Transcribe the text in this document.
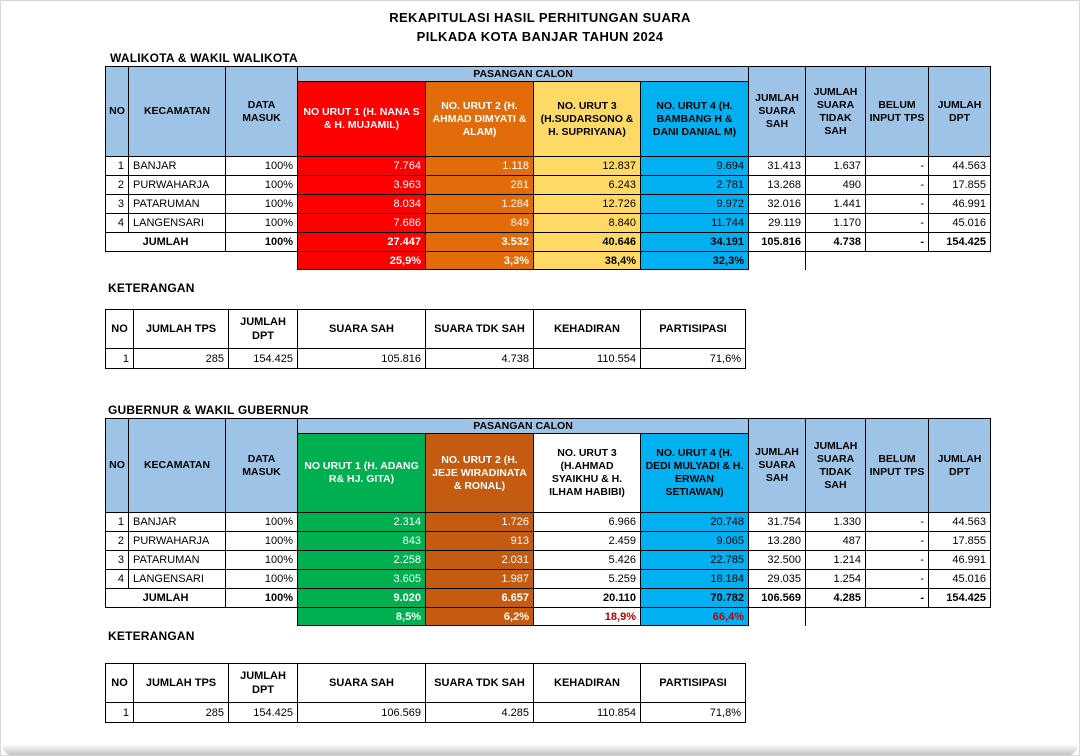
REKAPITULASI HASIL PERHITUNGAN SUARA
PILKADA KOTA BANJAR TAHUN 2024
WALIKOTA & WAKIL WALIKOTA
NO	KECAMATAN	DATA MASUK	PASANGAN CALON				JUMLAH SUARA SAH	JUMLAH SUARA TIDAK SAH	BELUM INPUT TPS	JUMLAH DPT
			NO URUT 1 (H. NANA S & H. MUJAMIL)	NO. URUT 2 (H. AHMAD DIMYATI & ALAM)	NO. URUT 3 (H.SUDARSONO & H. SUPRIYANA)	NO. URUT 4 (H. BAMBANG H & DANI DANIAL M)				
1	BANJAR	100%	7.764	1.118	12.837	9.694	31.413	1.637	-	44.563
2	PURWAHARJA	100%	3.963	281	6.243	2.781	13.268	490	-	17.855
3	PATARUMAN	100%	8.034	1.284	12.726	9.972	32.016	1.441	-	46.991
4	LANGENSARI	100%	7.686	849	8.840	11.744	29.119	1.170	-	45.016
JUMLAH		100%	27.447	3.532	40.646	34.191	105.816	4.738	-	154.425
			25,9%	3,3%	38,4%	32,3%				
KETERANGAN
NO	JUMLAH TPS	JUMLAH DPT	SUARA SAH	SUARA TDK SAH	KEHADIRAN	PARTISIPASI
1	285	154.425	105.816	4.738	110.554	71,6%
GUBERNUR & WAKIL GUBERNUR
NO	KECAMATAN	DATA MASUK	PASANGAN CALON				JUMLAH SUARA SAH	JUMLAH SUARA TIDAK SAH	BELUM INPUT TPS	JUMLAH DPT
			NO URUT 1 (H. ADANG R& HJ. GITA)	NO. URUT 2 (H. JEJE WIRADINATA & RONAL)	NO. URUT 3 (H.AHMAD SYAIKHU & H. ILHAM HABIBI)	NO. URUT 4 (H. DEDI MULYADI & H. ERWAN SETIAWAN)				
1	BANJAR	100%	2.314	1.726	6.966	20.748	31.754	1.330	-	44.563
2	PURWAHARJA	100%	843	913	2.459	9.065	13.280	487	-	17.855
3	PATARUMAN	100%	2.258	2.031	5.426	22.785	32.500	1.214	-	46.991
4	LANGENSARI	100%	3.605	1.987	5.259	18.184	29.035	1.254	-	45.016
JUMLAH		100%	9.020	6.657	20.110	70.782	106.569	4.285	-	154.425
			8,5%	6,2%	18,9%	66,4%				
KETERANGAN
NO	JUMLAH TPS	JUMLAH DPT	SUARA SAH	SUARA TDK SAH	KEHADIRAN	PARTISIPASI
1	285	154.425	106.569	4.285	110.854	71,8%
